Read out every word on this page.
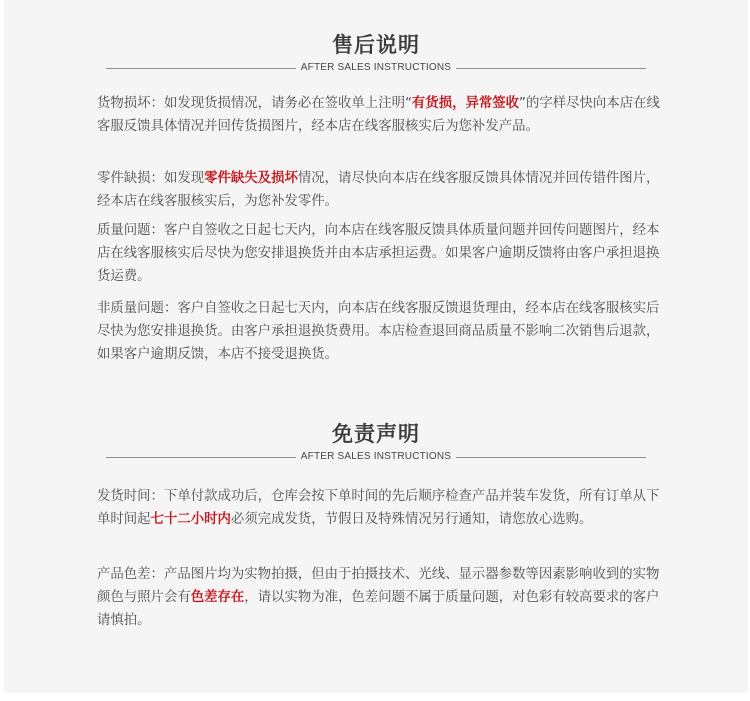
售后说明
AFTER SALES INSTRUCTIONS

货物损坏：如发现货损情况，请务必在签收单上注明“有货损，异常签收”的字样尽快向本店在线客服反馈具体情况并回传货损图片，经本店在线客服核实后为您补发产品。

零件缺损：如发现零件缺失及损坏情况，请尽快向本店在线客服反馈具体情况并回传错件图片，经本店在线客服核实后，为您补发零件。

质量问题：客户自签收之日起七天内，向本店在线客服反馈具体质量问题并回传问题图片，经本店在线客服核实后尽快为您安排退换货并由本店承担运费。如果客户逾期反馈将由客户承担退换货运费。

非质量问题：客户自签收之日起七天内，向本店在线客服反馈退货理由，经本店在线客服核实后尽快为您安排退换货。由客户承担退换货费用。本店检查退回商品质量不影响二次销售后退款，如果客户逾期反馈，本店不接受退换货。

免责声明
AFTER SALES INSTRUCTIONS

发货时间：下单付款成功后，仓库会按下单时间的先后顺序检查产品并装车发货，所有订单从下单时间起七十二小时内必须完成发货，节假日及特殊情况另行通知，请您放心选购。

产品色差：产品图片均为实物拍摄，但由于拍摄技术、光线、显示器参数等因素影响收到的实物颜色与照片会有色差存在，请以实物为准，色差问题不属于质量问题，对色彩有较高要求的客户请慎拍。
